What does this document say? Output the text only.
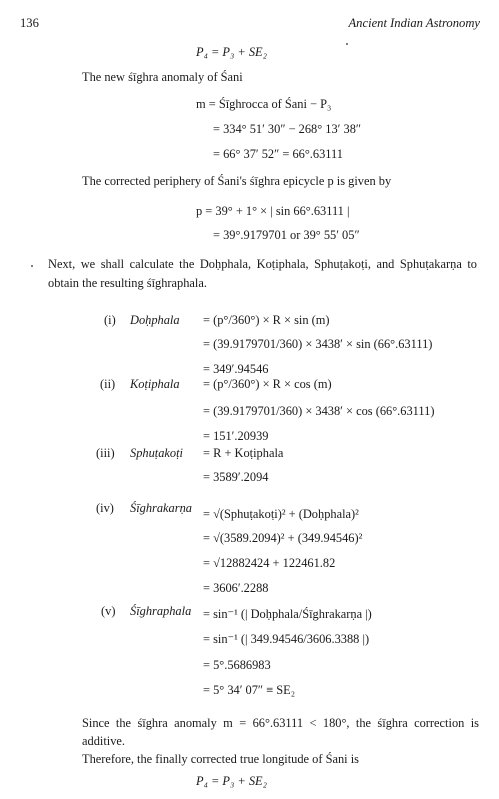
136	Ancient Indian Astronomy
P₄ = P₃ + SE₂
The new śīghra anomaly of Śani
m = Śīghrocca of Śani − P₃
= 334° 51′ 30″ − 268° 13′ 38″
= 66° 37′ 52″ = 66°.63111
The corrected periphery of Śani's śīghra epicycle p is given by
p = 39° + 1° × | sin 66°.63111 |
= 39°.9179701 or 39° 55′ 05″
Next, we shall calculate the Doḥphala, Koṭiphala, Sphuṭakoṭi, and Sphuṭakarṇa to
obtain the resulting śīghraphala.
(i) Doḥphala = (p°/360°) × R × sin (m)
= (39.9179701/360) × 3438′ × sin (66°.63111)
= 349′.94546
(ii) Koṭiphala = (p°/360°) × R × cos (m)
= (39.9179701/360) × 3438′ × cos (66°.63111)
= 151′.20939
(iii) Sphuṭakoṭi = R + Koṭiphala
= 3589′.2094
(iv) Śīghrakarṇa = √(Sphuṭakoṭi)² + (Doḥphala)²
= √(3589.2094)² + (349.94546)²
= √12882424 + 122461.82
= 3606′.2288
(v) Śīghraphala = sin⁻¹ (| Doḥphala/Śīghrakarṇa |)
= sin⁻¹ (| 349.94546/3606.3388 |)
= 5°.5686983
= 5° 34′ 07″ ≡ SE₂
Since the śīghra anomaly m = 66°.63111 < 180°, the śīghra correction is
additive.
Therefore, the finally corrected true longitude of Śani is
P₄ = P₃ + SE₂
